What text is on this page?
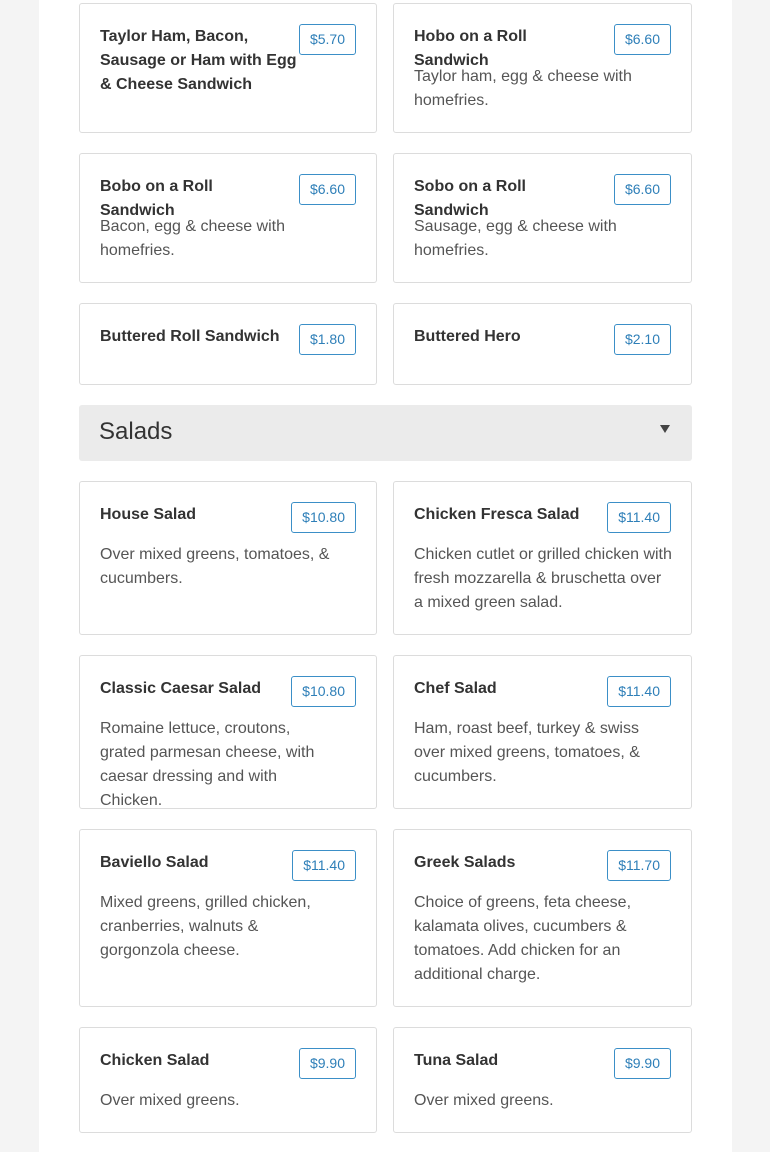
Taylor Ham, Bacon, Sausage or Ham with Egg & Cheese Sandwich

$5.70	Hobo on a Roll Sandwich

$6.60

Taylor ham, egg & cheese with homefries.

Bobo on a Roll Sandwich

$6.60

Bacon, egg & cheese with homefries.

Sobo on a Roll Sandwich

$6.60

Sausage, egg & cheese with homefries.

Buttered Roll Sandwich	$1.80	Buttered Hero	$2.10
Salads

House Salad	$10.80

Over mixed greens, tomatoes, & cucumbers.

Chicken Fresca Salad	$11.40

Chicken cutlet or grilled chicken with fresh mozzarella & bruschetta over a mixed green salad.

Classic Caesar Salad	$10.80

Romaine lettuce, croutons, grated parmesan cheese, with caesar dressing and with Chicken.

Chef Salad	$11.40

Ham, roast beef, turkey & swiss over mixed greens, tomatoes, & cucumbers.

Baviello Salad	$11.40

Mixed greens, grilled chicken, cranberries, walnuts & gorgonzola cheese.

Greek Salads	$11.70

Choice of greens, feta cheese, kalamata olives, cucumbers & tomatoes. Add chicken for an additional charge.

Chicken Salad	$9.90

Over mixed greens.

Tuna Salad	$9.90

Over mixed greens.
